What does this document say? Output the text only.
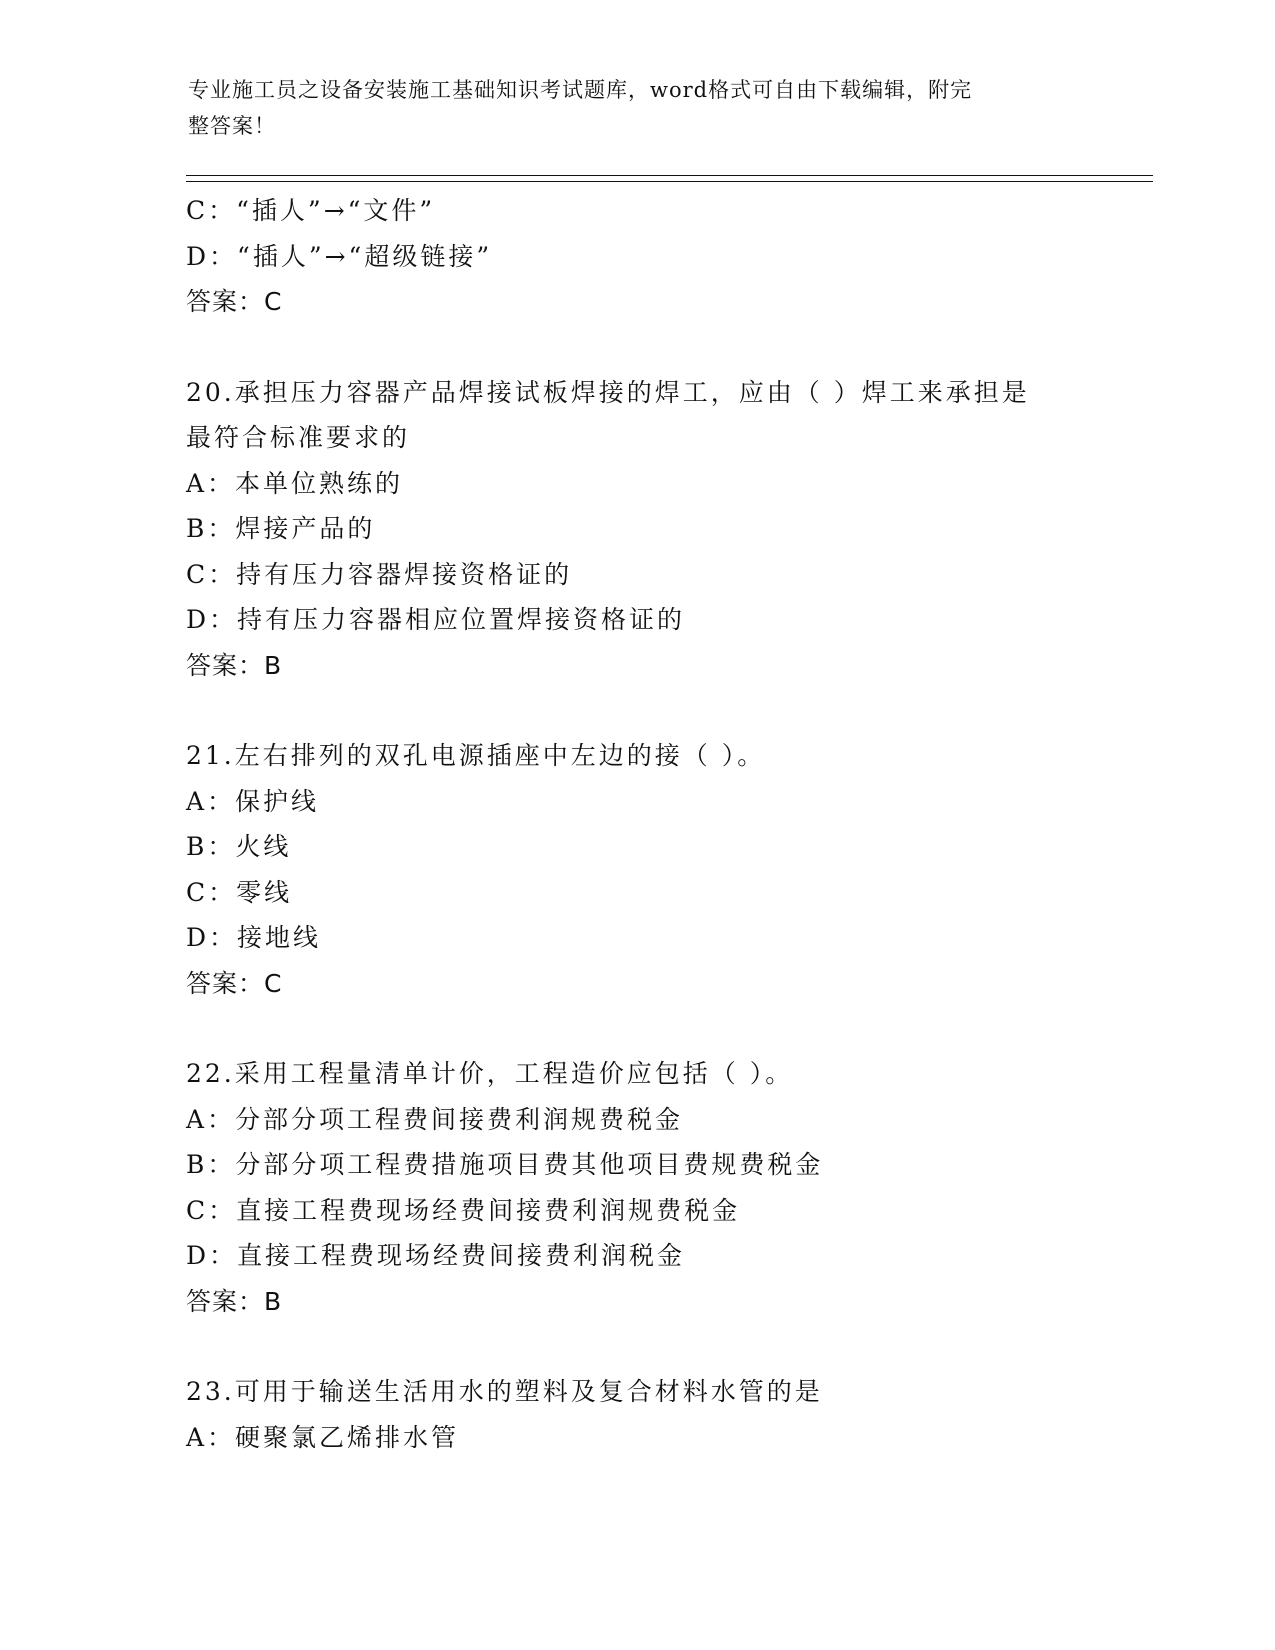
专业施工员之设备安装施工基础知识考试题库，word格式可自由下载编辑，附完
整答案！
C：“插人”→“文件”
D：“插人”→“超级链接”
答案：C
20.承担压力容器产品焊接试板焊接的焊工，应由（ ）焊工来承担是
最符合标准要求的
A：本单位熟练的
B：焊接产品的
C：持有压力容器焊接资格证的
D：持有压力容器相应位置焊接资格证的
答案：B
21.左右排列的双孔电源插座中左边的接（ ）。
A：保护线
B：火线
C：零线
D：接地线
答案：C
22.采用工程量清单计价，工程造价应包括（ ）。
A：分部分项工程费间接费利润规费税金
B：分部分项工程费措施项目费其他项目费规费税金
C：直接工程费现场经费间接费利润规费税金
D：直接工程费现场经费间接费利润税金
答案：B
23.可用于输送生活用水的塑料及复合材料水管的是
A：硬聚氯乙烯排水管
